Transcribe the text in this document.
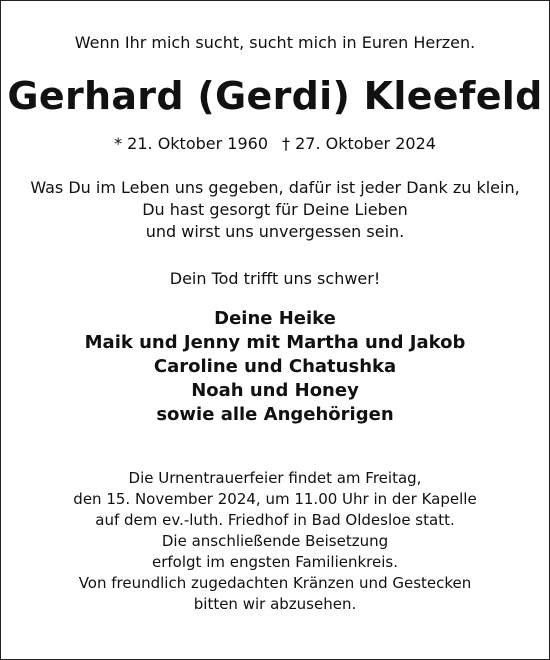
Wenn Ihr mich sucht, sucht mich in Euren Herzen.
Gerhard (Gerdi) Kleefeld
* 21. Oktober 1960 † 27. Oktober 2024
Was Du im Leben uns gegeben, dafür ist jeder Dank zu klein,
Du hast gesorgt für Deine Lieben
und wirst uns unvergessen sein.
Dein Tod trifft uns schwer!
Deine Heike
Maik und Jenny mit Martha und Jakob
Caroline und Chatushka
Noah und Honey
sowie alle Angehörigen
Die Urnentrauerfeier findet am Freitag,
den 15. November 2024, um 11.00 Uhr in der Kapelle
auf dem ev.-luth. Friedhof in Bad Oldesloe statt.
Die anschließende Beisetzung
erfolgt im engsten Familienkreis.
Von freundlich zugedachten Kränzen und Gestecken
bitten wir abzusehen.
